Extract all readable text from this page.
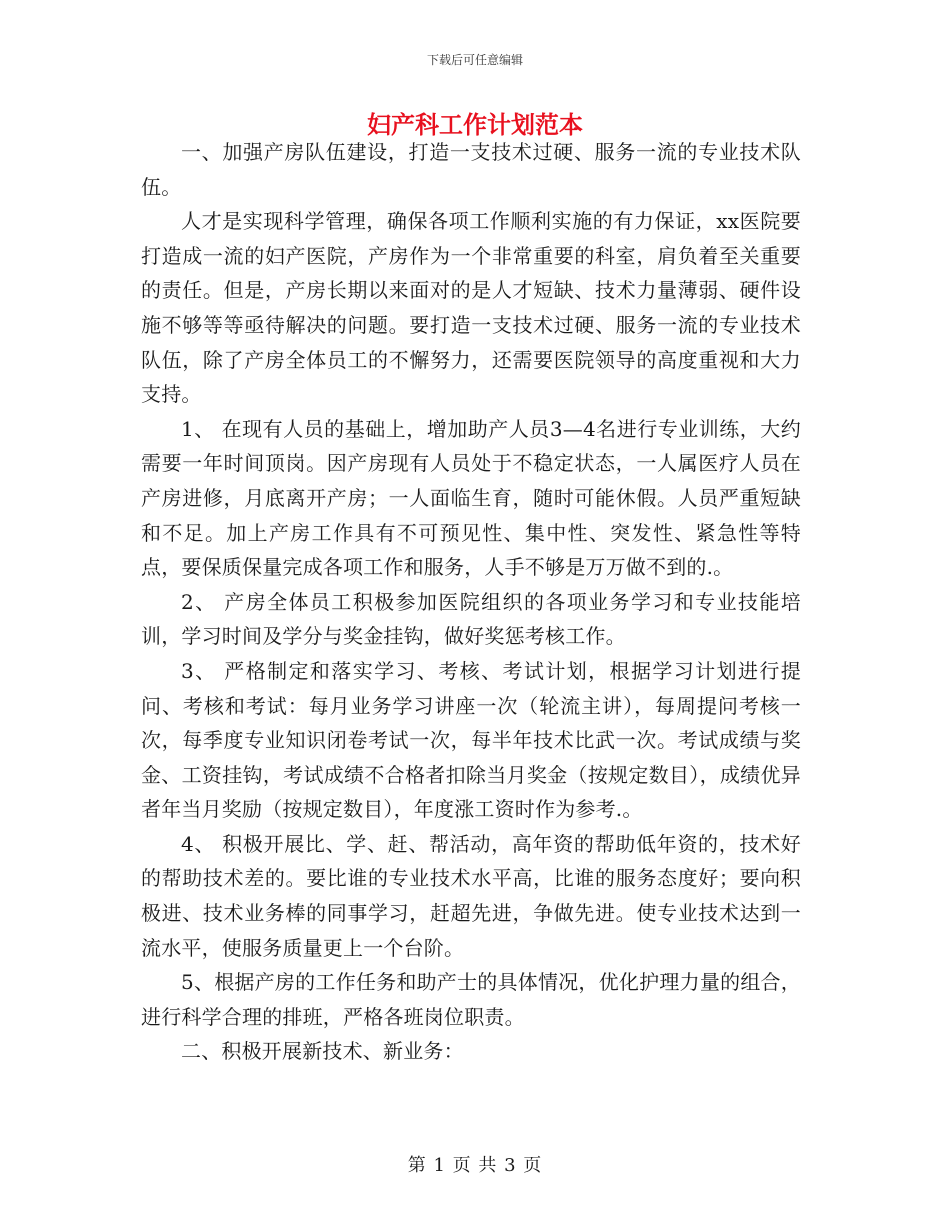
下载后可任意编辑
妇产科工作计划范本

一、加强产房队伍建设，打造一支技术过硬、服务一流的专业技术队伍。

人才是实现科学管理，确保各项工作顺利实施的有力保证，xx医院要打造成一流的妇产医院，产房作为一个非常重要的科室，肩负着至关重要的责任。但是，产房长期以来面对的是人才短缺、技术力量薄弱、硬件设施不够等等亟待解决的问题。要打造一支技术过硬、服务一流的专业技术队伍，除了产房全体员工的不懈努力，还需要医院领导的高度重视和大力支持。

1、 在现有人员的基础上，增加助产人员3—4名进行专业训练，大约需要一年时间顶岗。因产房现有人员处于不稳定状态，一人属医疗人员在产房进修，月底离开产房；一人面临生育，随时可能休假。人员严重短缺和不足。加上产房工作具有不可预见性、集中性、突发性、紧急性等特点，要保质保量完成各项工作和服务，人手不够是万万做不到的.。

2、 产房全体员工积极参加医院组织的各项业务学习和专业技能培训，学习时间及学分与奖金挂钩，做好奖惩考核工作。

3、 严格制定和落实学习、考核、考试计划，根据学习计划进行提问、考核和考试：每月业务学习讲座一次（轮流主讲），每周提问考核一次，每季度专业知识闭卷考试一次，每半年技术比武一次。考试成绩与奖金、工资挂钩，考试成绩不合格者扣除当月奖金（按规定数目），成绩优异者年当月奖励（按规定数目），年度涨工资时作为参考.。

4、 积极开展比、学、赶、帮活动，高年资的帮助低年资的，技术好的帮助技术差的。要比谁的专业技术水平高，比谁的服务态度好；要向积极进、技术业务棒的同事学习，赶超先进，争做先进。使专业技术达到一流水平，使服务质量更上一个台阶。

5、根据产房的工作任务和助产士的具体情况，优化护理力量的组合，进行科学合理的排班，严格各班岗位职责。

二、积极开展新技术、新业务：

第 1 页 共 3 页
